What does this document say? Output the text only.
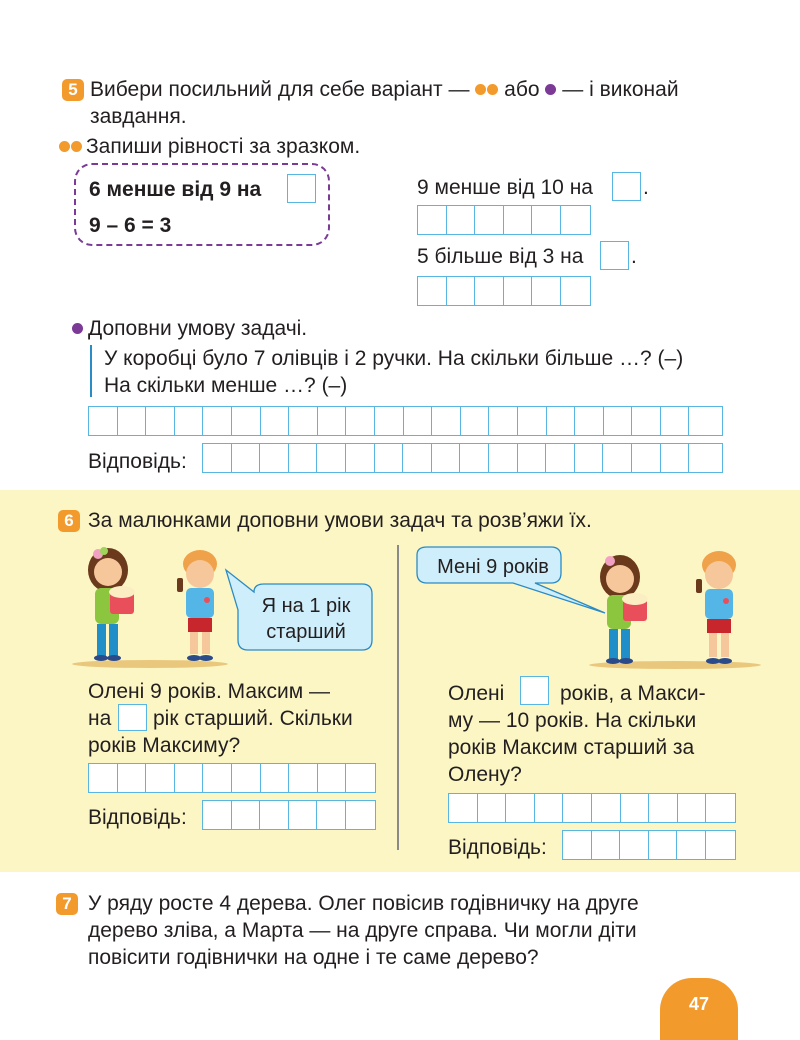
5 Вибери посильний для себе варіант — або — і виконай
завдання.
Запиши рівності за зразком.
6 менше від 9 на
9 – 6 = 3
9 менше від 10 на .
5 більше від 3 на .
Доповни умову задачі.
У коробці було 7 олівців і 2 ручки. На скільки більше …? (–)
На скільки менше …? (–)
Відповідь:
6 За малюнками доповни умови задач та розв’яжи їх.
Я на 1 рік
старший
Олені 9 років. Максим —
на рік старший. Скільки
років Максиму?
Відповідь:
Мені 9 років
Олені	років, а Макси-
му — 10 років. На скільки
років Максим старший за
Олену?
Відповідь:
7 У ряду росте 4 дерева. Олег повісив годівничку на друге
дерево зліва, а Марта — на друге справа. Чи могли діти
повісити годівнички на одне і те саме дерево?
47
